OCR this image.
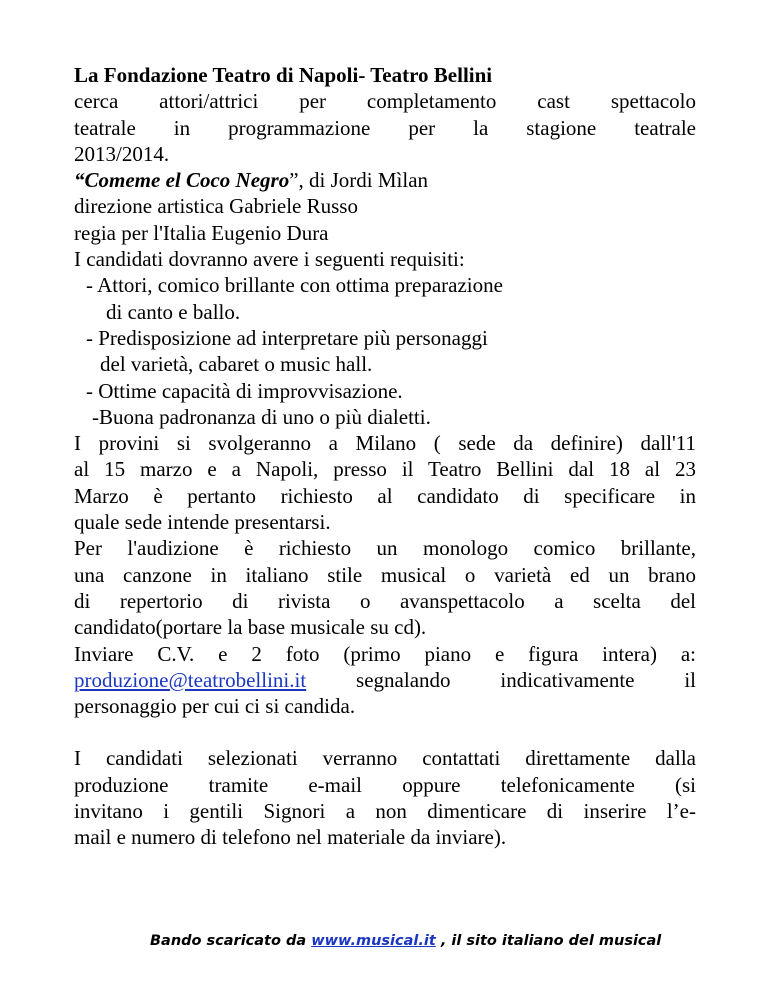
La Fondazione Teatro di Napoli- Teatro Bellini
cerca attori/attrici per completamento cast spettacolo
teatrale in programmazione per la stagione teatrale
2013/2014.
“Comeme el Coco Negro”, di Jordi Mìlan
direzione artistica Gabriele Russo
regia per l'Italia Eugenio Dura
I candidati dovranno avere i seguenti requisiti:
- Attori, comico brillante con ottima preparazione
di canto e ballo.
- Predisposizione ad interpretare più personaggi
del varietà, cabaret o music hall.
- Ottime capacità di improvvisazione.
-Buona padronanza di uno o più dialetti.
I provini si svolgeranno a Milano ( sede da definire) dall'11
al 15 marzo e a Napoli, presso il Teatro Bellini dal 18 al 23
Marzo è pertanto richiesto al candidato di specificare in
quale sede intende presentarsi.
Per l'audizione è richiesto un monologo comico brillante,
una canzone in italiano stile musical o varietà ed un brano
di repertorio di rivista o avanspettacolo a scelta del
candidato(portare la base musicale su cd).
Inviare C.V. e 2 foto (primo piano e figura intera) a:
produzione@teatrobellini.it segnalando indicativamente il
personaggio per cui ci si candida.
I candidati selezionati verranno contattati direttamente dalla
produzione tramite e-mail oppure telefonicamente (si
invitano i gentili Signori a non dimenticare di inserire l’e-
mail e numero di telefono nel materiale da inviare).
Bando scaricato da www.musical.it , il sito italiano del musical
